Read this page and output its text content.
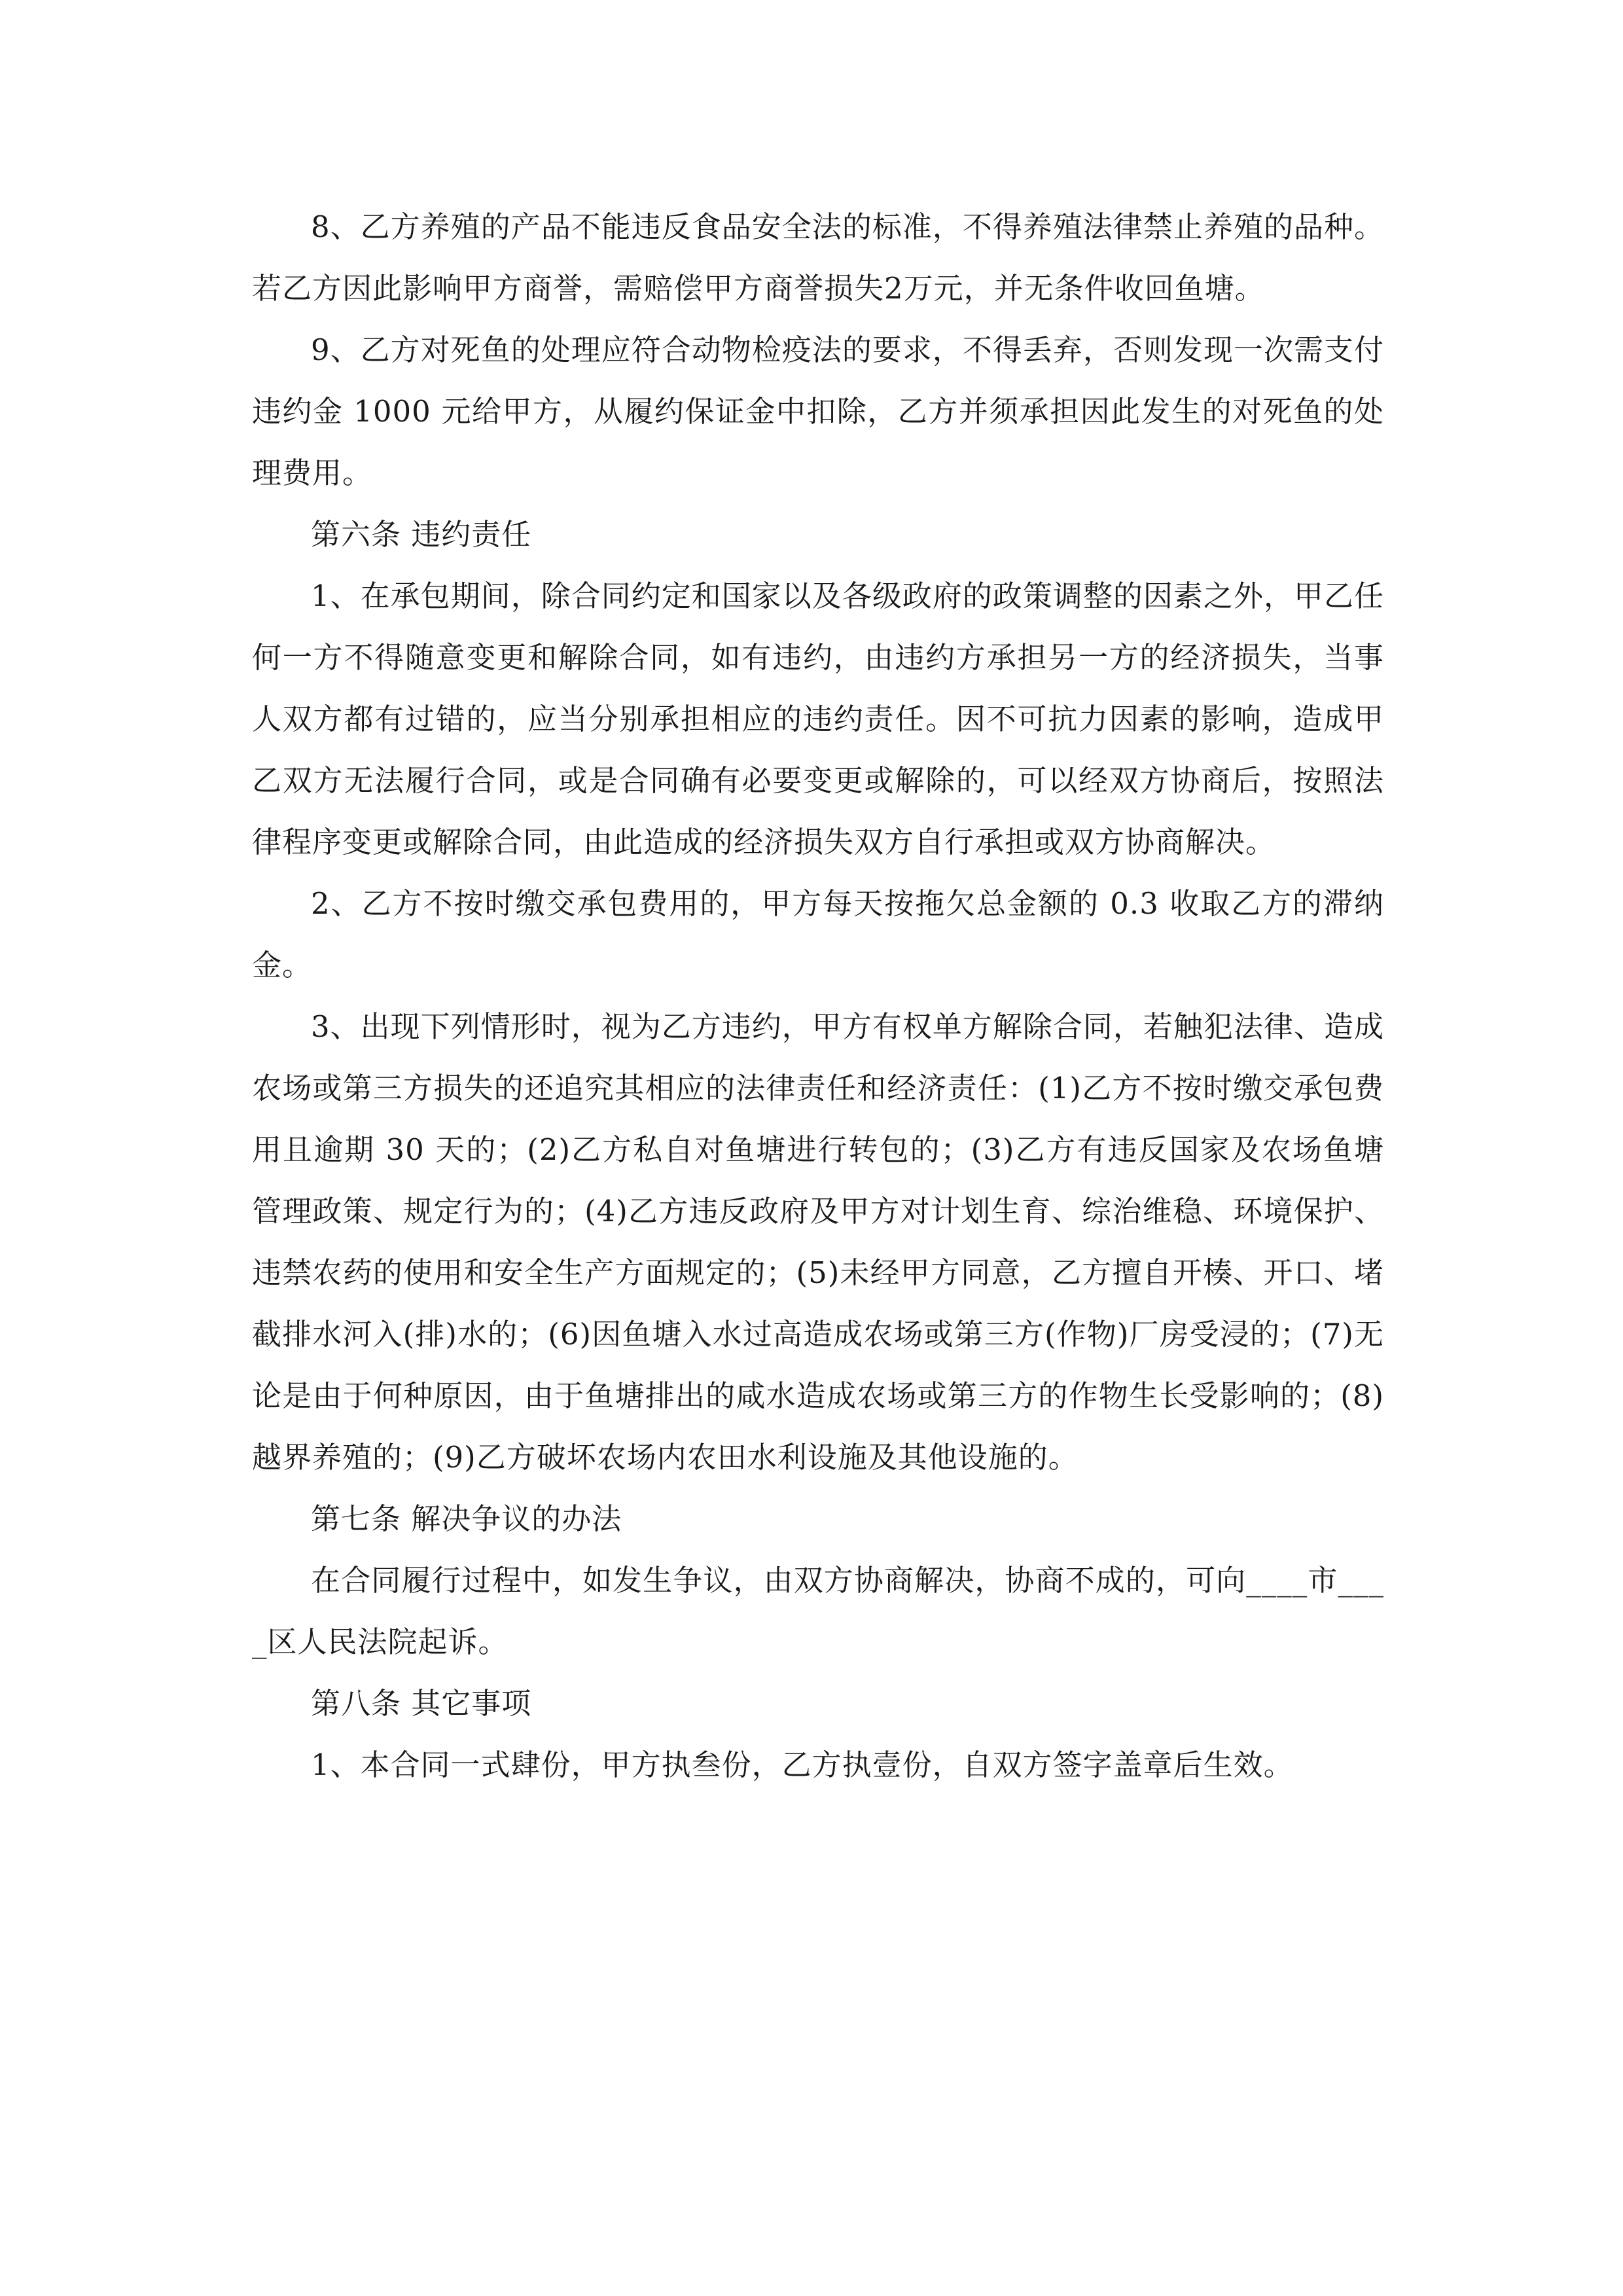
8、乙方养殖的产品不能违反食品安全法的标准，不得养殖法律禁止养殖的品种。若乙方因此影响甲方商誉，需赔偿甲方商誉损失2万元，并无条件收回鱼塘。

9、乙方对死鱼的处理应符合动物检疫法的要求，不得丢弃，否则发现一次需支付违约金 1000 元给甲方，从履约保证金中扣除，乙方并须承担因此发生的对死鱼的处理费用。

第六条 违约责任

1、在承包期间，除合同约定和国家以及各级政府的政策调整的因素之外，甲乙任何一方不得随意变更和解除合同，如有违约，由违约方承担另一方的经济损失，当事人双方都有过错的，应当分别承担相应的违约责任。因不可抗力因素的影响，造成甲乙双方无法履行合同，或是合同确有必要变更或解除的，可以经双方协商后，按照法律程序变更或解除合同，由此造成的经济损失双方自行承担或双方协商解决。

2、乙方不按时缴交承包费用的，甲方每天按拖欠总金额的 0.3 收取乙方的滞纳金。

3、出现下列情形时，视为乙方违约，甲方有权单方解除合同，若触犯法律、造成农场或第三方损失的还追究其相应的法律责任和经济责任：(1)乙方不按时缴交承包费用且逾期 30 天的；(2)乙方私自对鱼塘进行转包的；(3)乙方有违反国家及农场鱼塘管理政策、规定行为的；(4)乙方违反政府及甲方对计划生育、综治维稳、环境保护、违禁农药的使用和安全生产方面规定的；(5)未经甲方同意，乙方擅自开楱、开口、堵截排水河入(排)水的；(6)因鱼塘入水过高造成农场或第三方(作物)厂房受浸的；(7)无论是由于何种原因，由于鱼塘排出的咸水造成农场或第三方的作物生长受影响的；(8)越界养殖的；(9)乙方破坏农场内农田水利设施及其他设施的。

第七条 解决争议的办法

在合同履行过程中，如发生争议，由双方协商解决，协商不成的，可向____市____区人民法院起诉。

第八条 其它事项

1、本合同一式肆份，甲方执叁份，乙方执壹份，自双方签字盖章后生效。
